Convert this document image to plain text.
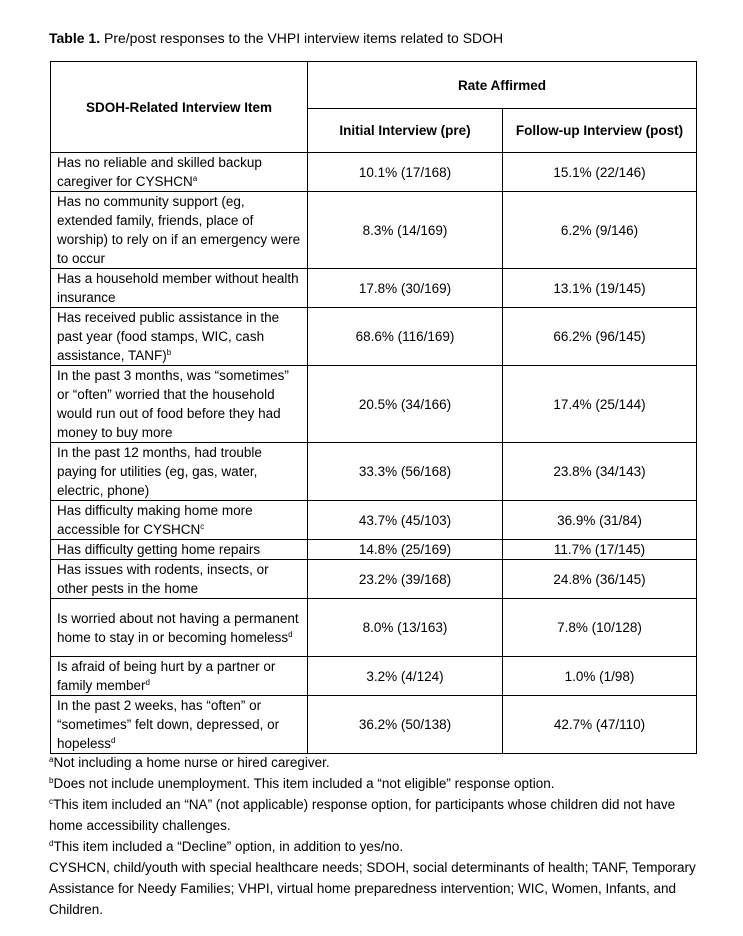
Table 1. Pre/post responses to the VHPI interview items related to SDOH
SDOH-Related Interview Item	Rate Affirmed	
	Initial Interview (pre)	Follow-up Interview (post)
Has no reliable and skilled backup caregiver for CYSHCN$^a$	10.1% (17/168)	15.1% (22/146)
Has no community support (eg, extended family, friends, place of worship) to rely on if an emergency were to occur	8.3% (14/169)	6.2% (9/146)
Has a household member without health insurance	17.8% (30/169)	13.1% (19/145)
Has received public assistance in the past year (food stamps, WIC, cash assistance, TANF)$^b$	68.6% (116/169)	66.2% (96/145)
In the past 3 months, was “sometimes” or “often” worried that the household would run out of food before they had money to buy more	20.5% (34/166)	17.4% (25/144)
In the past 12 months, had trouble paying for utilities (eg, gas, water, electric, phone)	33.3% (56/168)	23.8% (34/143)
Has difficulty making home more accessible for CYSHCN$^c$	43.7% (45/103)	36.9% (31/84)
Has difficulty getting home repairs	14.8% (25/169)	11.7% (17/145)
Has issues with rodents, insects, or other pests in the home	23.2% (39/168)	24.8% (36/145)
Is worried about not having a permanent home to stay in or becoming homeless$^d$	8.0% (13/163)	7.8% (10/128)
Is afraid of being hurt by a partner or family member$^d$	3.2% (4/124)	1.0% (1/98)
In the past 2 weeks, has “often” or “sometimes” felt down, depressed, or hopeless$^d$	36.2% (50/138)	42.7% (47/110)

$^a$Not including a home nurse or hired caregiver.

$^b$Does not include unemployment. This item included a “not eligible” response option.

$^c$This item included an “NA” (not applicable) response option, for participants whose children did not have home accessibility challenges.

$^d$This item included a “Decline” option, in addition to yes/no.

CYSHCN, child/youth with special healthcare needs; SDOH, social determinants of health; TANF, Temporary Assistance for Needy Families; VHPI, virtual home preparedness intervention; WIC, Women, Infants, and Children.
